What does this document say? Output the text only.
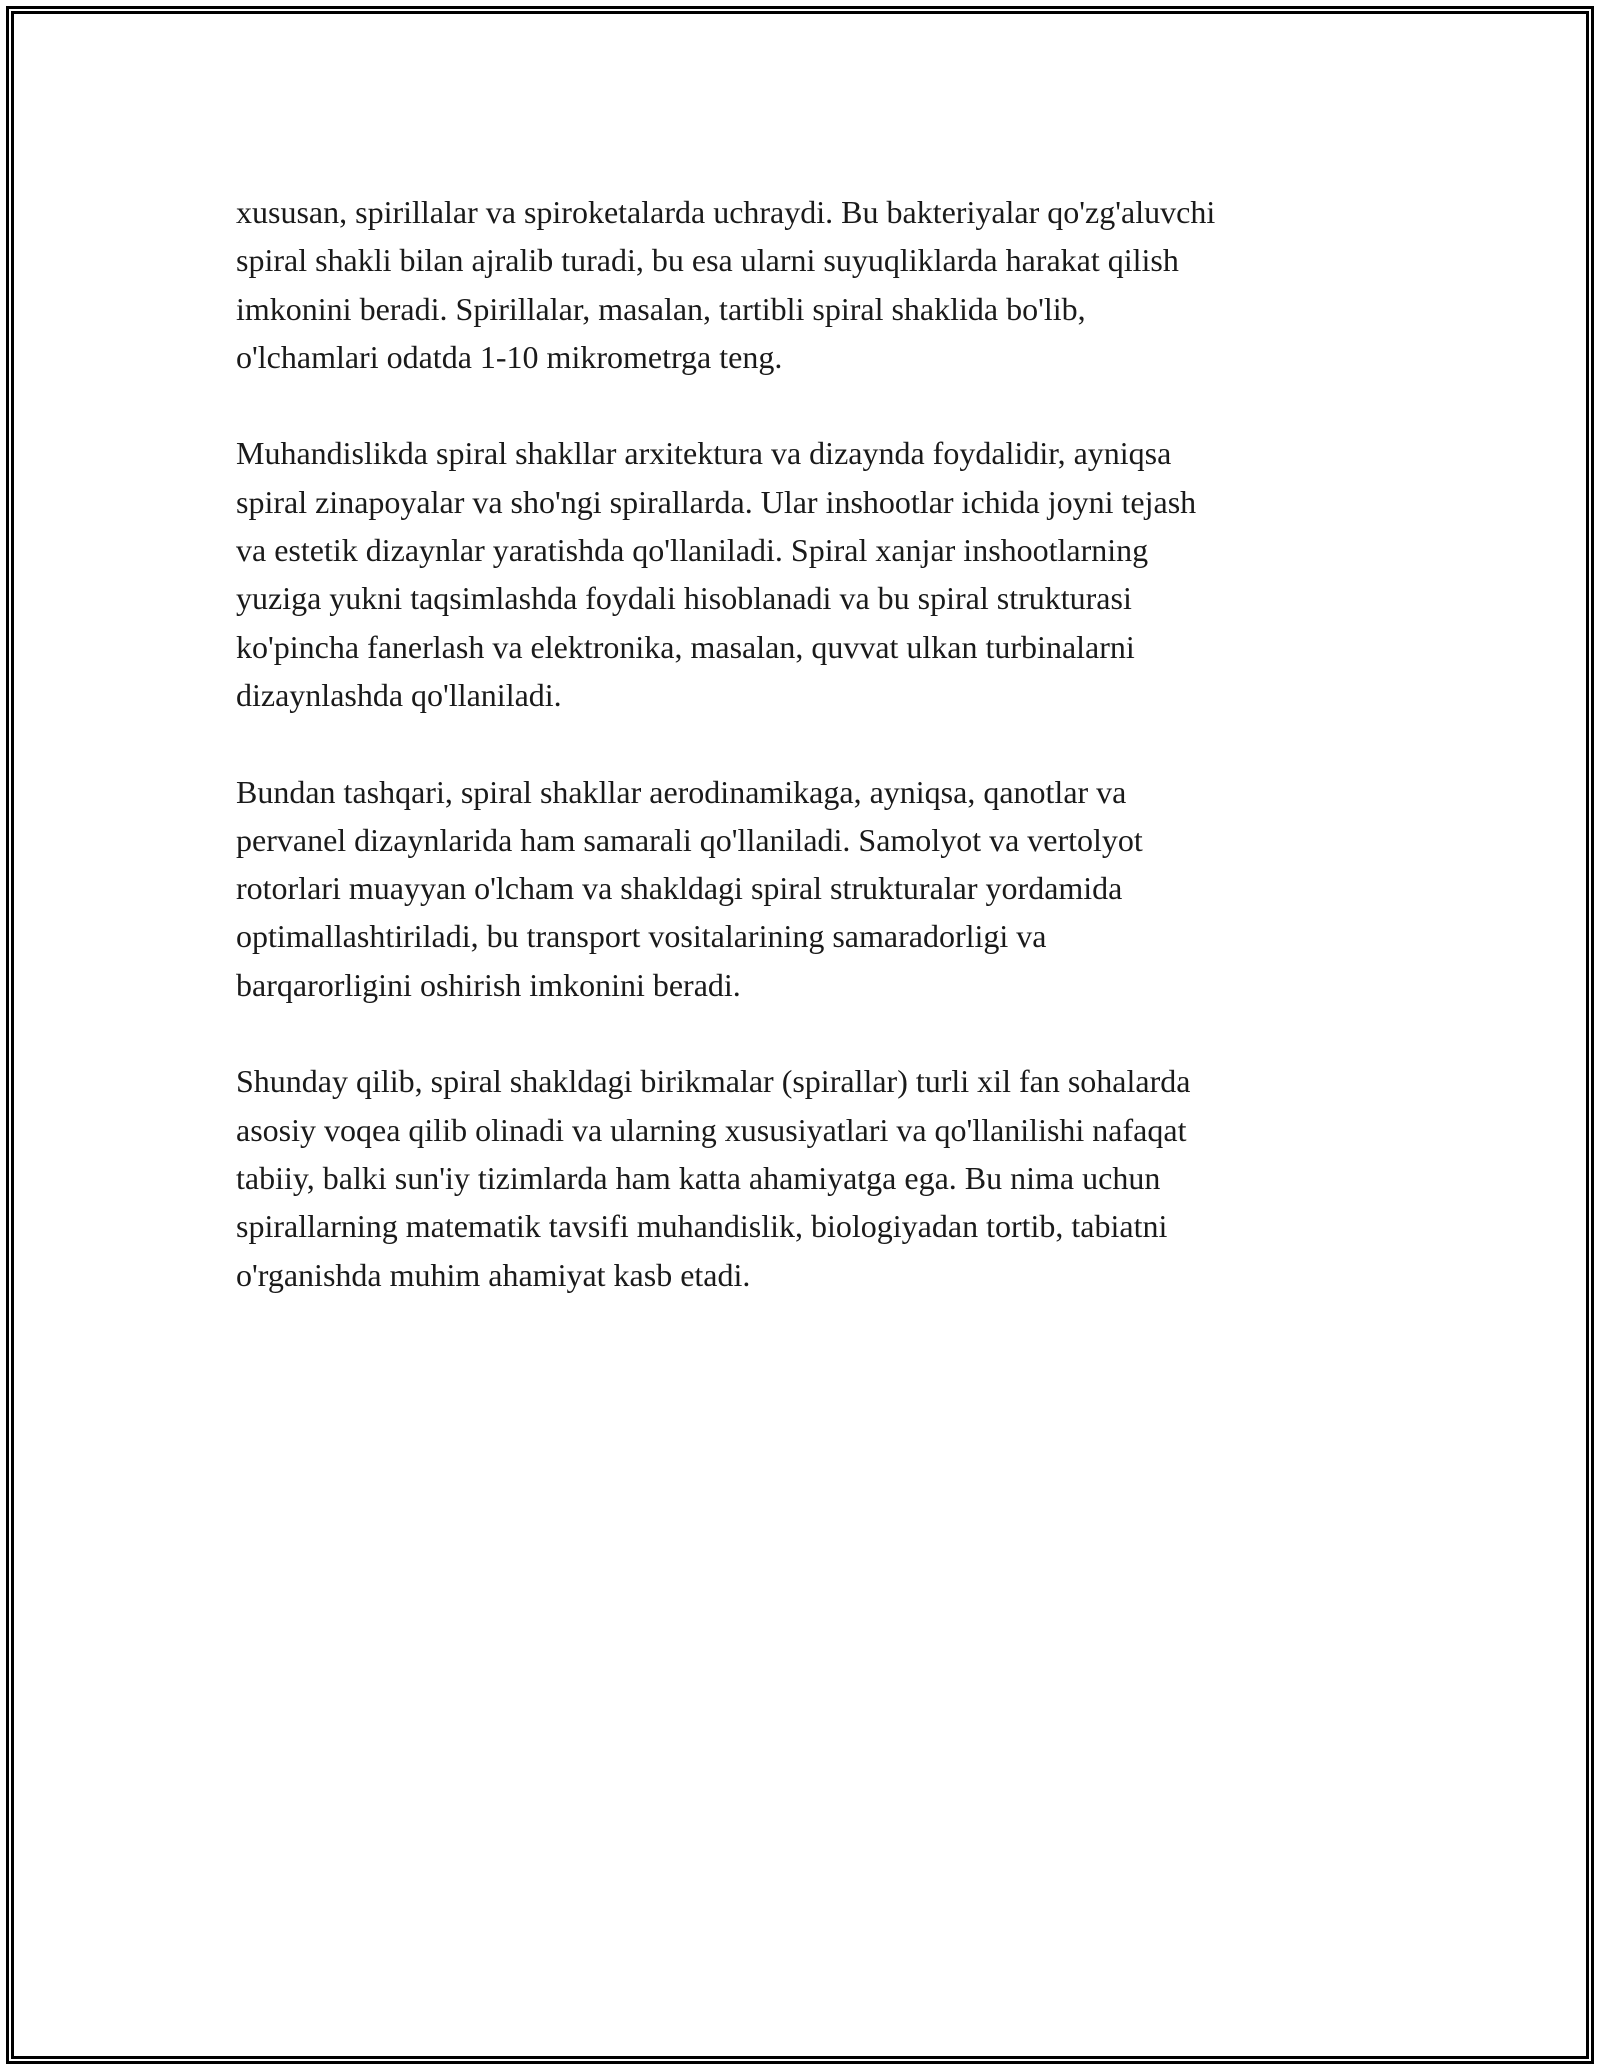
xususan, spirillalar va spiroketalarda uchraydi. Bu bakteriyalar qo'zg'aluvchi
spiral shakli bilan ajralib turadi, bu esa ularni suyuqliklarda harakat qilish
imkonini beradi. Spirillalar, masalan, tartibli spiral shaklida bo'lib,
o'lchamlari odatda 1-10 mikrometrga teng.
Muhandislikda spiral shakllar arxitektura va dizaynda foydalidir, ayniqsa
spiral zinapoyalar va sho'ngi spirallarda. Ular inshootlar ichida joyni tejash
va estetik dizaynlar yaratishda qo'llaniladi. Spiral xanjar inshootlarning
yuziga yukni taqsimlashda foydali hisoblanadi va bu spiral strukturasi
ko'pincha fanerlash va elektronika, masalan, quvvat ulkan turbinalarni
dizaynlashda qo'llaniladi.
Bundan tashqari, spiral shakllar aerodinamikaga, ayniqsa, qanotlar va
pervanel dizaynlarida ham samarali qo'llaniladi. Samolyot va vertolyot
rotorlari muayyan o'lcham va shakldagi spiral strukturalar yordamida
optimallashtiriladi, bu transport vositalarining samaradorligi va
barqarorligini oshirish imkonini beradi.
Shunday qilib, spiral shakldagi birikmalar (spirallar) turli xil fan sohalarda
asosiy voqea qilib olinadi va ularning xususiyatlari va qo'llanilishi nafaqat
tabiiy, balki sun'iy tizimlarda ham katta ahamiyatga ega. Bu nima uchun
spirallarning matematik tavsifi muhandislik, biologiyadan tortib, tabiatni
o'rganishda muhim ahamiyat kasb etadi.
